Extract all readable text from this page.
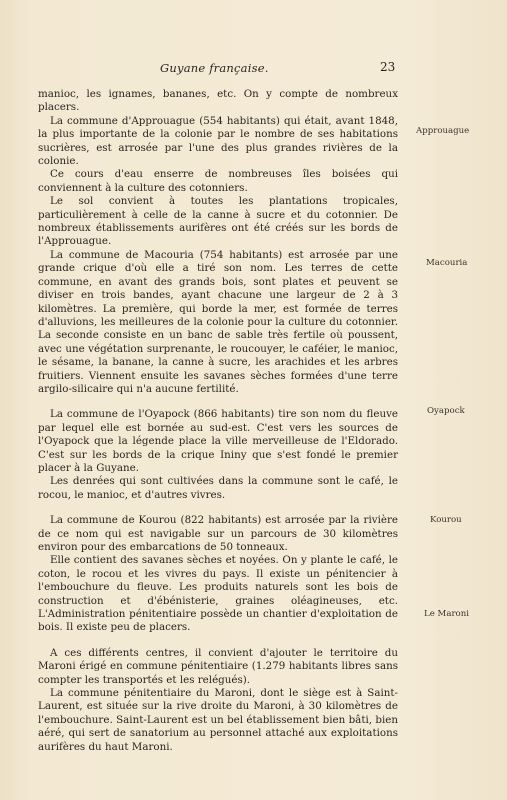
Guyane française.	23

manioc, les ignames, bananes, etc. On y compte de nombreux placers.

La commune d'Approuague (554 habitants) qui était, avant 1848, la plus importante de la colonie par le nombre de ses habitations sucrières, est arrosée par l'une des plus grandes rivières de la colonie.

Ce cours d'eau enserre de nombreuses îles boisées qui conviennent à la culture des cotonniers.

Le sol convient à toutes les plantations tropicales, particulièrement à celle de la canne à sucre et du cotonnier. De nombreux établissements aurifères ont été créés sur les bords de l'Approuague.

La commune de Macouria (754 habitants) est arrosée par une grande crique d'où elle a tiré son nom. Les terres de cette commune, en avant des grands bois, sont plates et peuvent se diviser en trois bandes, ayant chacune une largeur de 2 à 3 kilomètres. La première, qui borde la mer, est formée de terres d'alluvions, les meilleures de la colonie pour la culture du cotonnier. La seconde consiste en un banc de sable très fertile où poussent, avec une végétation surprenante, le roucouyer, le caféier, le manioc, le sésame, la banane, la canne à sucre, les arachides et les arbres fruitiers. Viennent ensuite les savanes sèches formées d'une terre argilo-silicaire qui n'a aucune fertilité.

La commune de l'Oyapock (866 habitants) tire son nom du fleuve par lequel elle est bornée au sud-est. C'est vers les sources de l'Oyapock que la légende place la ville merveilleuse de l'Eldorado. C'est sur les bords de la crique Ininy que s'est fondé le premier placer à la Guyane.

Les denrées qui sont cultivées dans la commune sont le café, le rocou, le manioc, et d'autres vivres.

La commune de Kourou (822 habitants) est arrosée par la rivière de ce nom qui est navigable sur un parcours de 30 kilomètres environ pour des embarcations de 50 tonneaux.

Elle contient des savanes sèches et noyées. On y plante le café, le coton, le rocou et les vivres du pays. Il existe un pénitencier à l'embouchure du fleuve. Les produits naturels sont les bois de construction et d'ébénisterie, graines oléagineuses, etc. L'Administration pénitentiaire possède un chantier d'exploitation de bois. Il existe peu de placers.

A ces différents centres, il convient d'ajouter le territoire du Maroni érigé en commune pénitentiaire (1.279 habitants libres sans compter les transportés et les relégués).

La commune pénitentiaire du Maroni, dont le siège est à Saint-Laurent, est située sur la rive droite du Maroni, à 30 kilomètres de l'embouchure. Saint-Laurent est un bel établissement bien bâti, bien aéré, qui sert de sanatorium au personnel attaché aux exploitations aurifères du haut Maroni.

Approuague
Macouria
Oyapock
Kourou
Le Maroni
